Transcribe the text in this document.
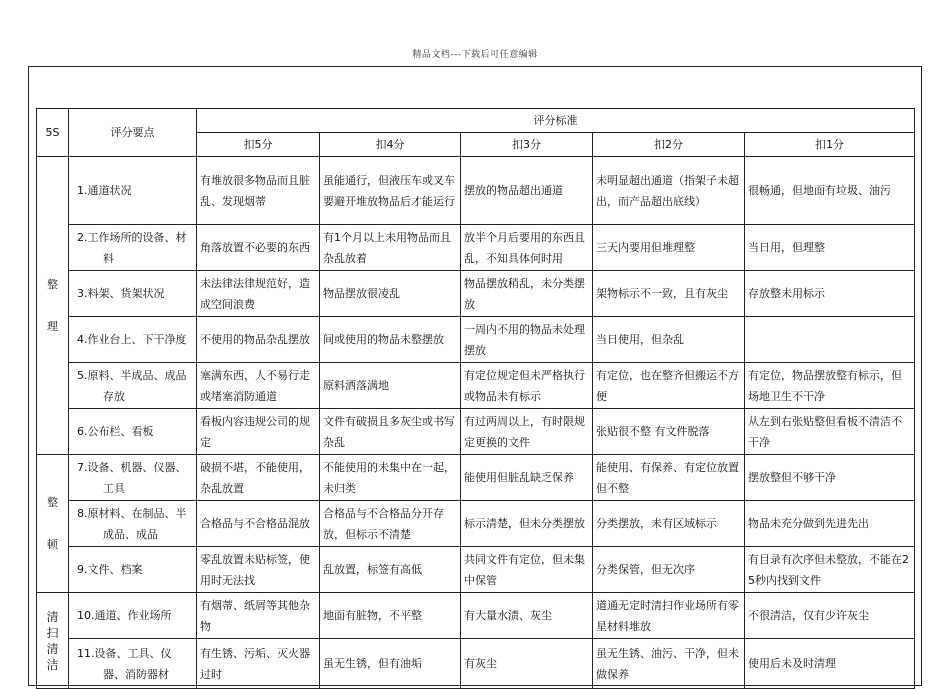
精品文档---下载后可任意编辑
5S	评分要点	评分标准				
		扣5分	扣4分	扣3分	扣2分	扣1分
整

理	1.通道状况	有堆放很多物品而且脏乱、发现烟蒂	虽能通行，但液压车或叉车要避开堆放物品后才能运行	摆放的物品超出通道	未明显超出通道（指架子未超出，而产品超出底线）	很畅通，但地面有垃圾、油污
	2.工作场所的设备、材料	角落放置不必要的东西	有1个月以上未用物品而且杂乱放着	放半个月后要用的东西且乱，不知具体何时用	三天内要用但堆理整	当日用，但理整
	3.料架、货架状况	未法律法律规范好，造成空间浪费	物品摆放很凌乱	物品摆放稍乱，未分类摆放	架物标示不一致，且有灰尘	存放整未用标示
	4.作业台上、下干净度	不使用的物品杂乱摆放	间或使用的物品未整摆放	一周内不用的物品未处理摆放	当日使用，但杂乱	
	5.原料、半成品、成品存放	塞满东西，人不易行走或堵塞消防通道	原料洒落满地	有定位规定但未严格执行或物品未有标示	有定位，也在整齐但搬运不方便	有定位，物品摆放整有标示，但场地卫生不干净
	6.公布栏、看板	看板内容违规公司的规定	文件有破损且多灰尘或书写杂乱	有过两周以上，有时限规定更换的文件	张贴很不整 有文件脱落	从左到右张贴整但看板不清洁不干净
整

顿	7.设备、机器、仪器、工具	破损不堪，不能使用，杂乱放置	不能使用的未集中在一起，未归类	能使用但脏乱缺乏保养	能使用、有保养、有定位放置但不整	摆放整但不够干净
	8.原材料、在制品、半成品、成品	合格品与不合格品混放	合格品与不合格品分开存放，但标示不清楚	标示清楚，但未分类摆放	分类摆放，未有区域标示	物品未充分做到先进先出
	9.文件、档案	零乱放置未贴标签，使用时无法找	乱放置，标签有高低	共同文件有定位，但未集中保管	分类保管，但无次序	有目录有次序但未整放，不能在25秒内找到文件
清
扫
清
洁	10.通道、作业场所	有烟蒂、纸屑等其他杂物	地面有脏物，不平整	有大量水渍、灰尘	道通无定时清扫作业场所有零星材料堆放	不很清洁，仅有少许灰尘
	11.设备、工具、仪器、消防器材	有生锈、污垢、灭火器过时	虽无生锈，但有油垢	有灰尘	虽无生锈、油污、干净，但未做保养	使用后未及时清理
